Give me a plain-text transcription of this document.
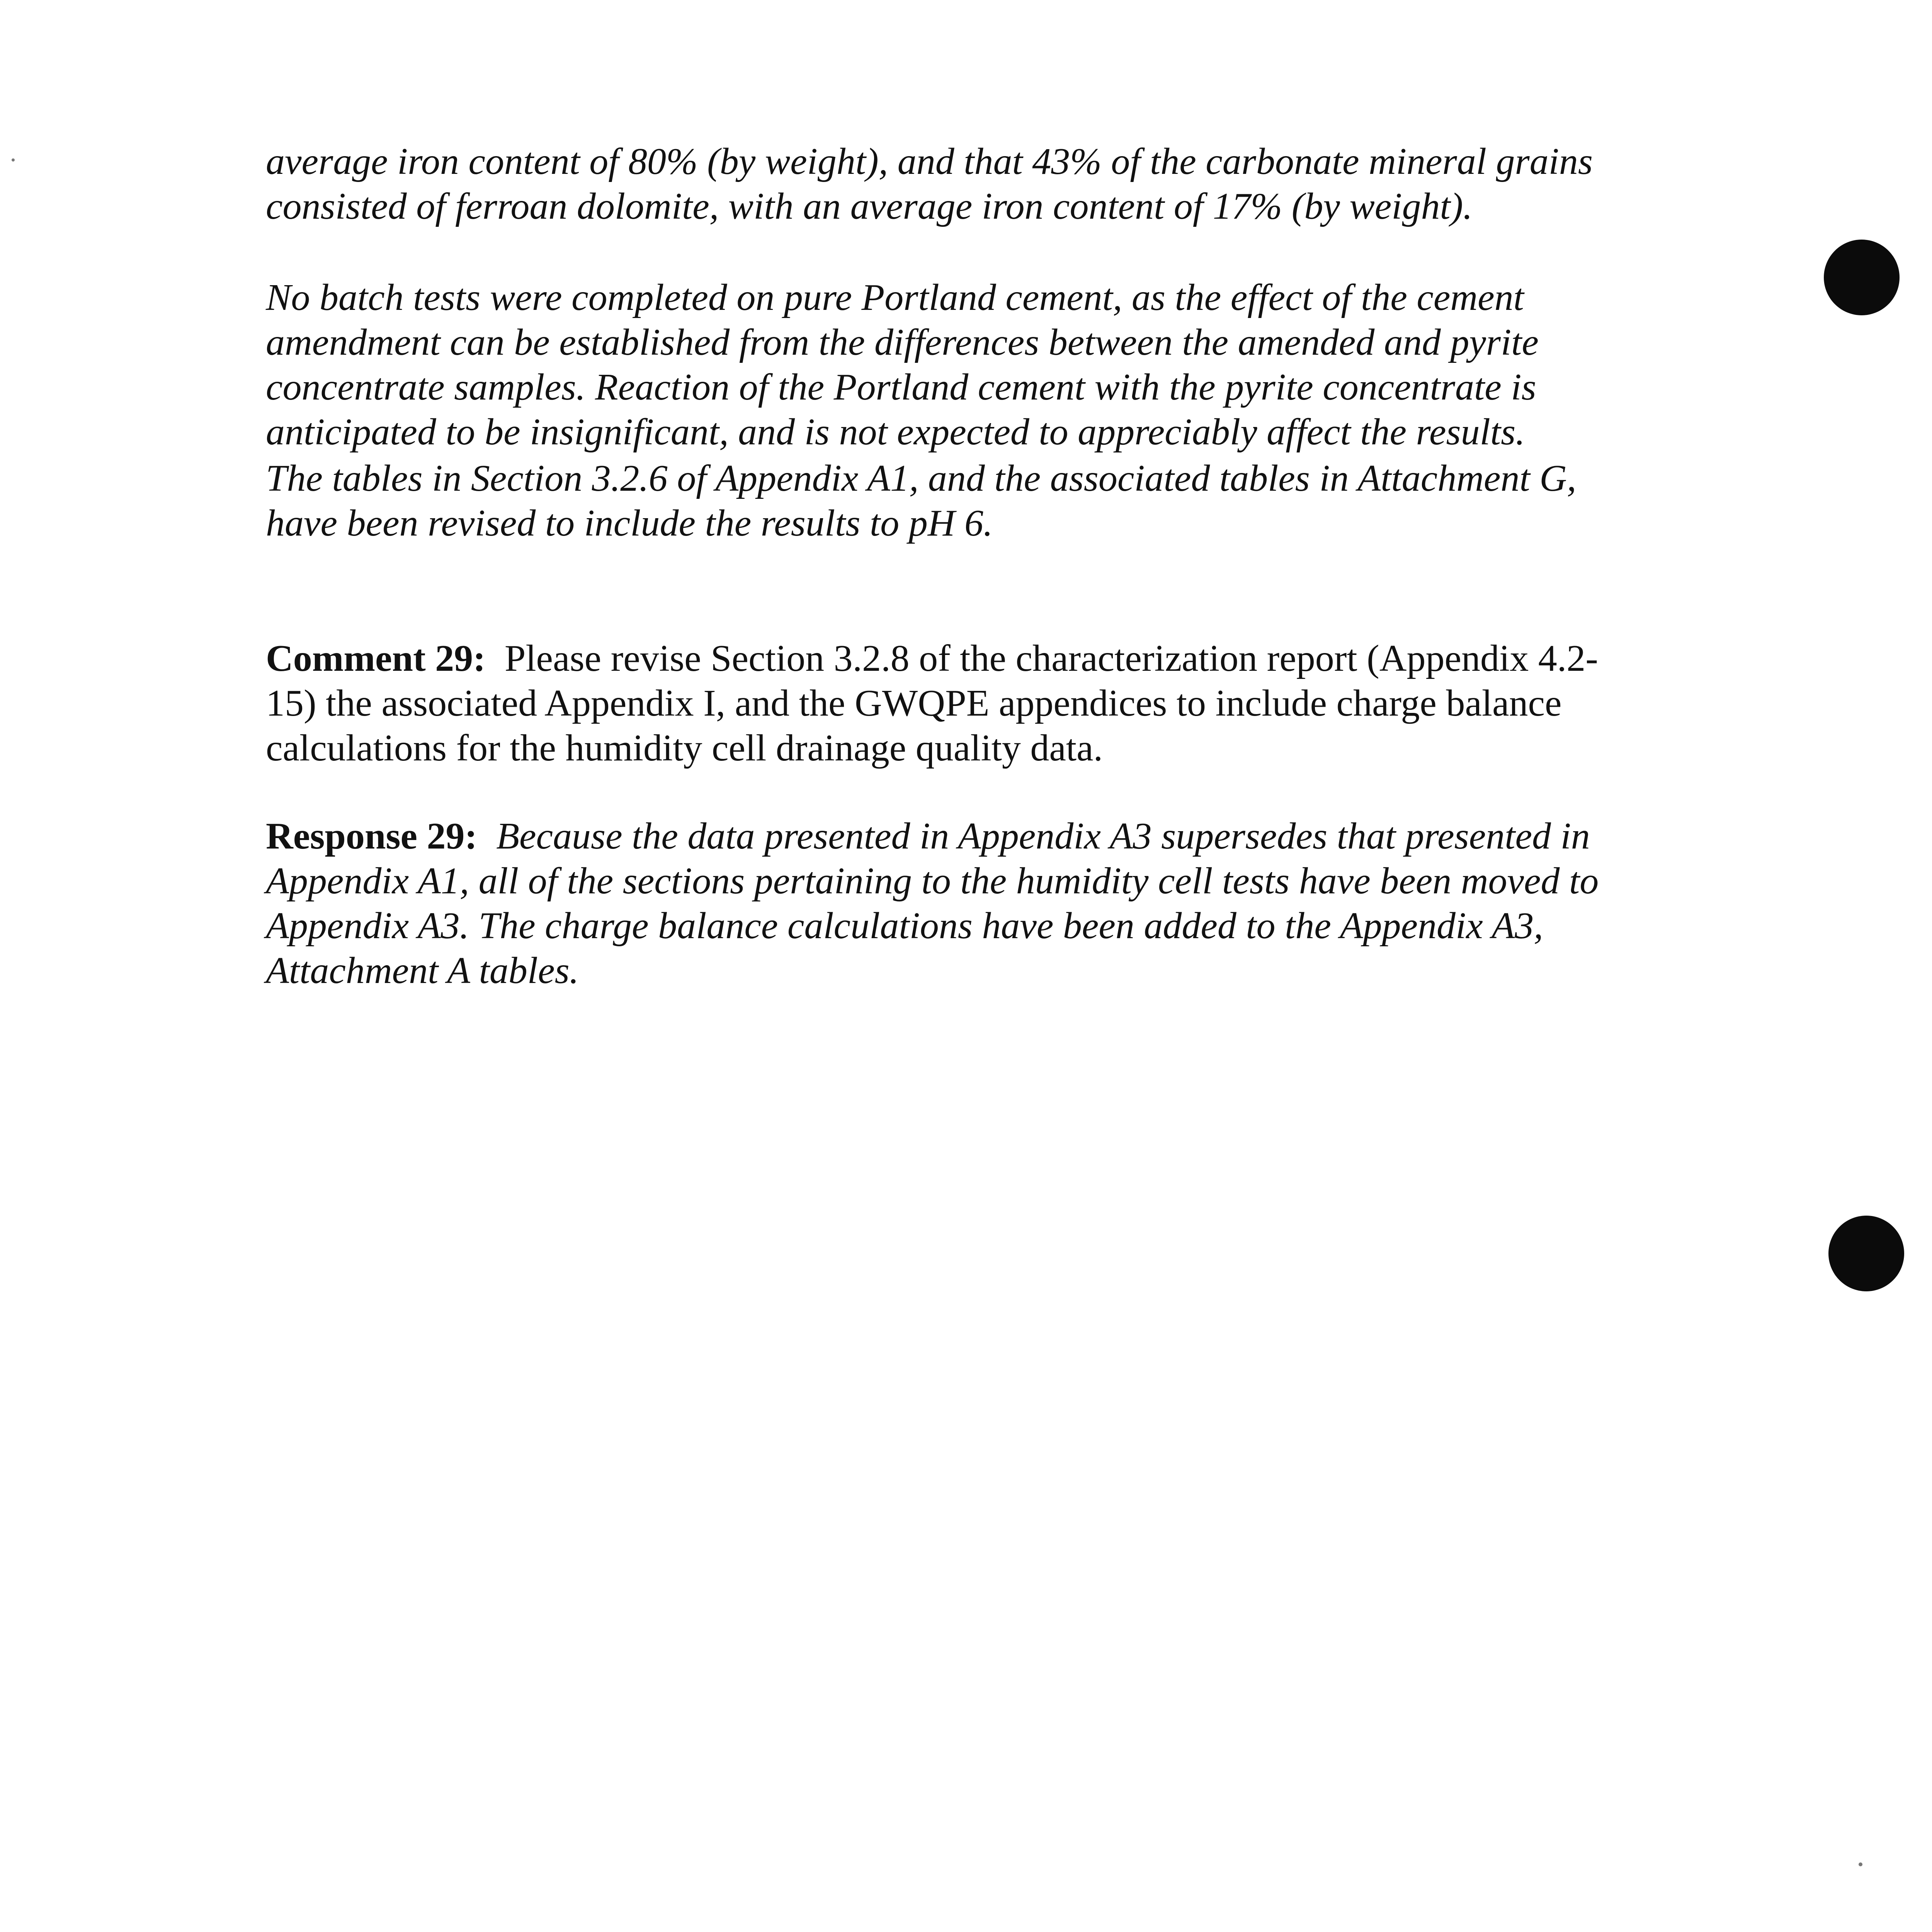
average iron content of 80% (by weight), and that 43% of the carbonate mineral grains
consisted of ferroan dolomite, with an average iron content of 17% (by weight).
No batch tests were completed on pure Portland cement, as the effect of the cement
amendment can be established from the differences between the amended and pyrite
concentrate samples. Reaction of the Portland cement with the pyrite concentrate is
anticipated to be insignificant, and is not expected to appreciably affect the results.
The tables in Section 3.2.6 of Appendix A1, and the associated tables in Attachment G,
have been revised to include the results to pH 6.
Comment 29: Please revise Section 3.2.8 of the characterization report (Appendix 4.2-
15) the associated Appendix I, and the GWQPE appendices to include charge balance
calculations for the humidity cell drainage quality data.
Response 29: Because the data presented in Appendix A3 supersedes that presented in
Appendix A1, all of the sections pertaining to the humidity cell tests have been moved to
Appendix A3. The charge balance calculations have been added to the Appendix A3,
Attachment A tables.
